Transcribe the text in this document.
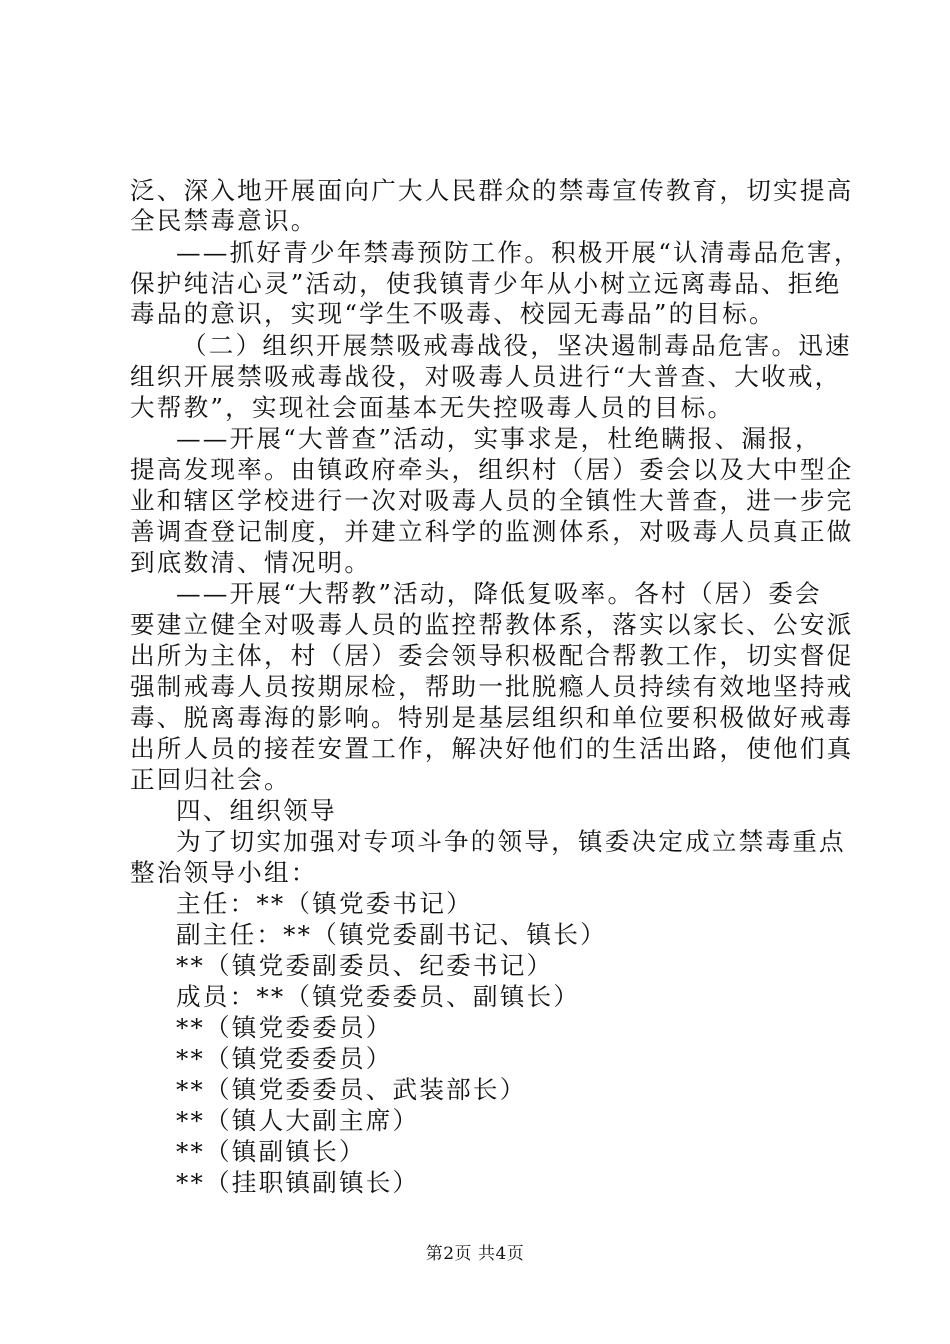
泛、深入地开展面向广大人民群众的禁毒宣传教育，切实提高
全民禁毒意识。
——抓好青少年禁毒预防工作。积极开展“认清毒品危害，
保护纯洁心灵”活动，使我镇青少年从小树立远离毒品、拒绝
毒品的意识，实现“学生不吸毒、校园无毒品”的目标。
（二）组织开展禁吸戒毒战役，坚决遏制毒品危害。迅速
组织开展禁吸戒毒战役，对吸毒人员进行“大普查、大收戒，
大帮教”，实现社会面基本无失控吸毒人员的目标。
——开展“大普查”活动，实事求是，杜绝瞒报、漏报，
提高发现率。由镇政府牵头，组织村（居）委会以及大中型企
业和辖区学校进行一次对吸毒人员的全镇性大普查，进一步完
善调查登记制度，并建立科学的监测体系，对吸毒人员真正做
到底数清、情况明。
——开展“大帮教”活动，降低复吸率。各村（居）委会
要建立健全对吸毒人员的监控帮教体系，落实以家长、公安派
出所为主体，村（居）委会领导积极配合帮教工作，切实督促
强制戒毒人员按期尿检，帮助一批脱瘾人员持续有效地坚持戒
毒、脱离毒海的影响。特别是基层组织和单位要积极做好戒毒
出所人员的接茬安置工作，解决好他们的生活出路，使他们真
正回归社会。
四、组织领导
为了切实加强对专项斗争的领导，镇委决定成立禁毒重点
整治领导小组：
主任：**（镇党委书记）
副主任：**（镇党委副书记、镇长）
**（镇党委副委员、纪委书记）
成员：**（镇党委委员、副镇长）
**（镇党委委员）
**（镇党委委员）
**（镇党委委员、武装部长）
**（镇人大副主席）
**（镇副镇长）
**（挂职镇副镇长）
第2页 共4页
